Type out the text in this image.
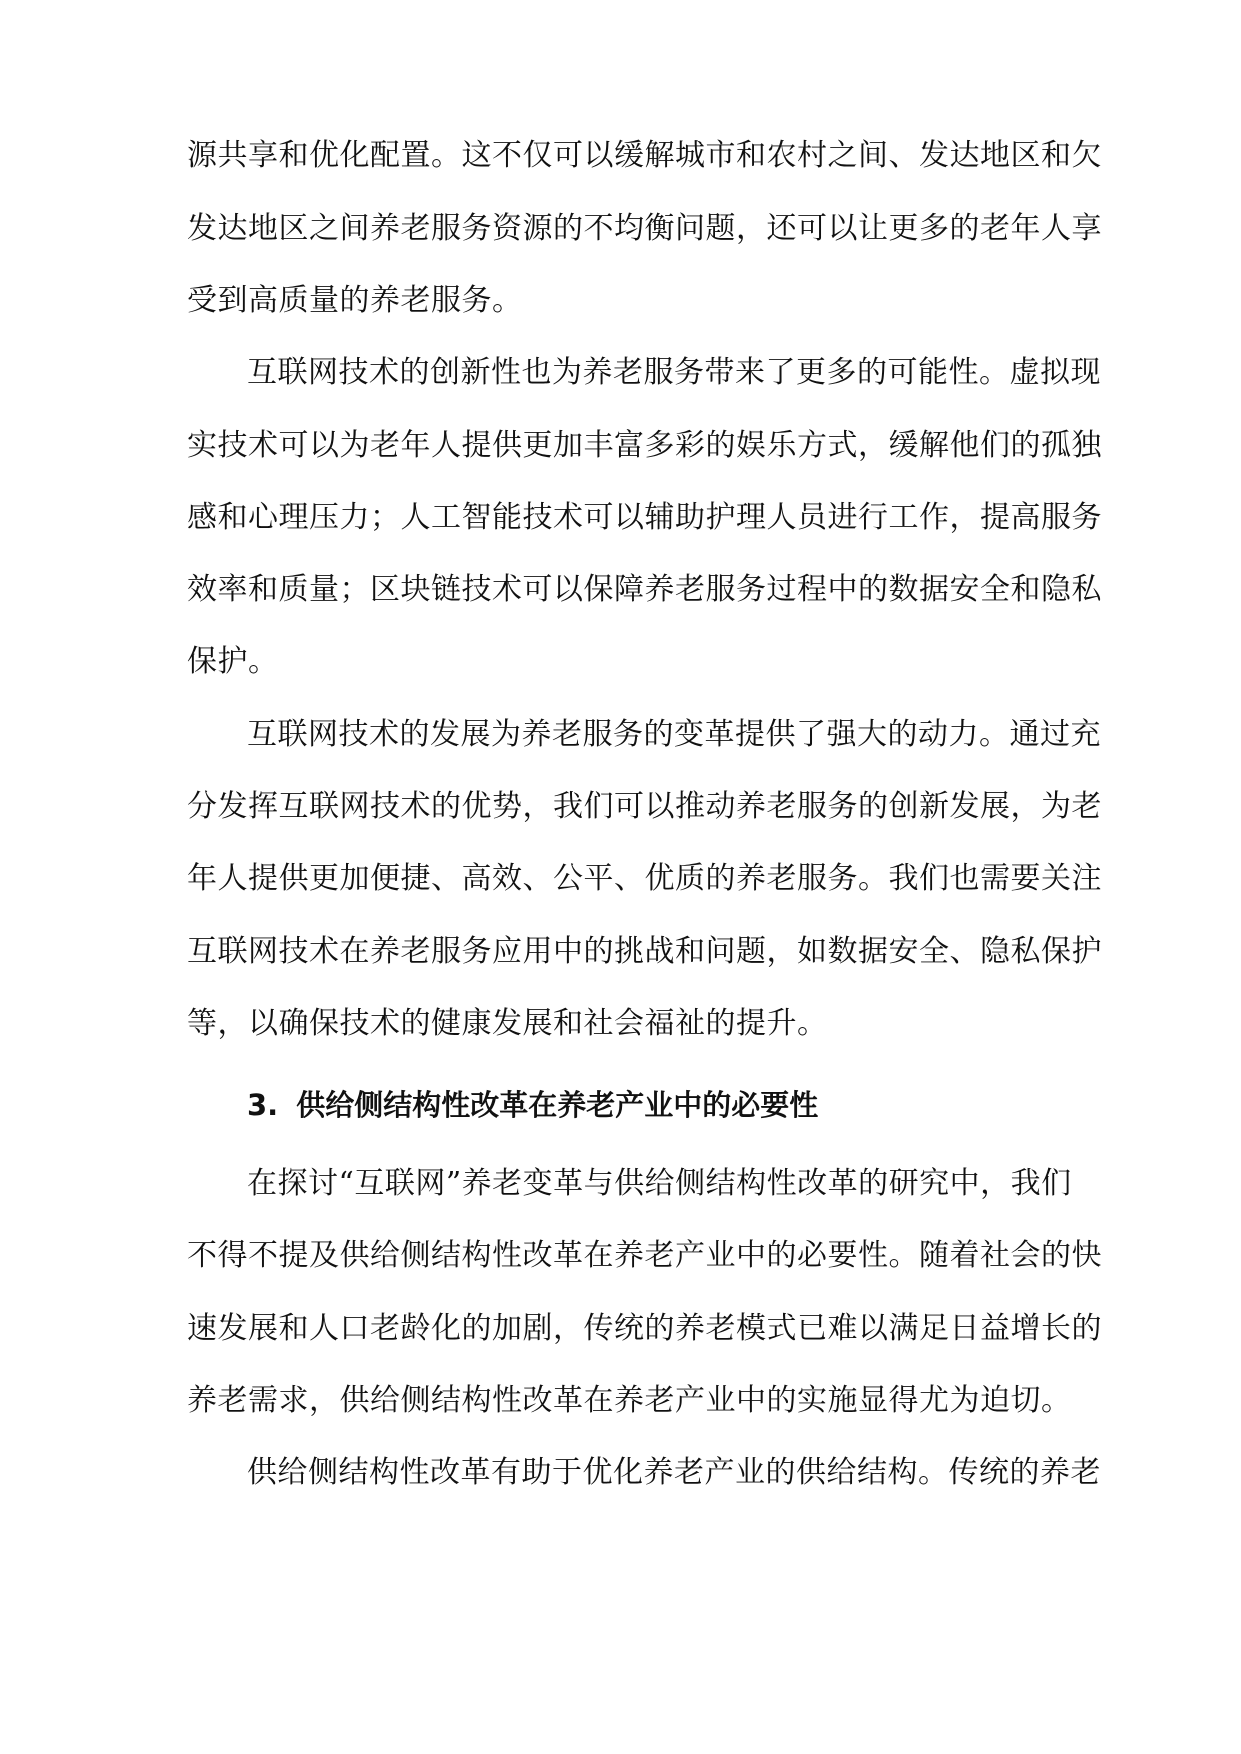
源共享和优化配置。这不仅可以缓解城市和农村之间、发达地区和欠
发达地区之间养老服务资源的不均衡问题，还可以让更多的老年人享
受到高质量的养老服务。
互联网技术的创新性也为养老服务带来了更多的可能性。虚拟现
实技术可以为老年人提供更加丰富多彩的娱乐方式，缓解他们的孤独
感和心理压力；人工智能技术可以辅助护理人员进行工作，提高服务
效率和质量；区块链技术可以保障养老服务过程中的数据安全和隐私
保护。
互联网技术的发展为养老服务的变革提供了强大的动力。通过充
分发挥互联网技术的优势，我们可以推动养老服务的创新发展，为老
年人提供更加便捷、高效、公平、优质的养老服务。我们也需要关注
互联网技术在养老服务应用中的挑战和问题，如数据安全、隐私保护
等，以确保技术的健康发展和社会福祉的提升。
3. 供给侧结构性改革在养老产业中的必要性
在探讨“互联网”养老变革与供给侧结构性改革的研究中，我们
不得不提及供给侧结构性改革在养老产业中的必要性。随着社会的快
速发展和人口老龄化的加剧，传统的养老模式已难以满足日益增长的
养老需求，供给侧结构性改革在养老产业中的实施显得尤为迫切。
供给侧结构性改革有助于优化养老产业的供给结构。传统的养老
